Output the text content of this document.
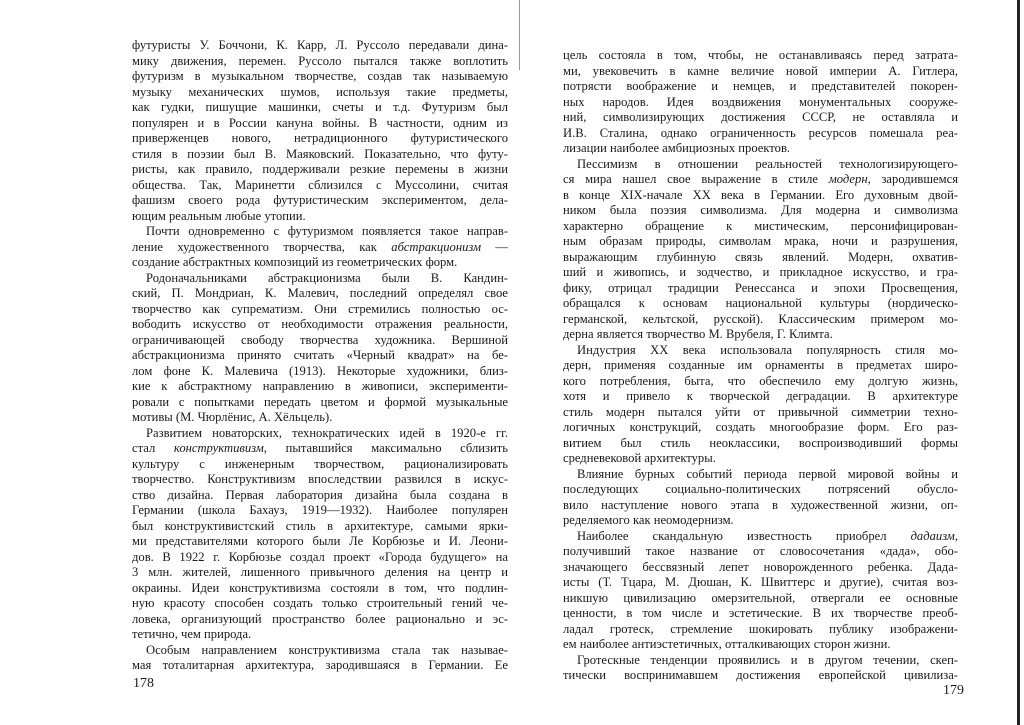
футуристы У. Боччони, К. Карр, Л. Руссоло передавали дина-
мику движения, перемен. Руссоло пытался также воплотить
футуризм в музыкальном творчестве, создав так называемую
музыку механических шумов, используя такие предметы,
как гудки, пишущие машинки, счеты и т.д. Футуризм был
популярен и в России кануна войны. В частности, одним из
приверженцев нового, нетрадиционного футуристического
стиля в поэзии был В. Маяковский. Показательно, что футу-
ристы, как правило, поддерживали резкие перемены в жизни
общества. Так, Маринетти сблизился с Муссолини, считая
фашизм своего рода футуристическим экспериментом, дела-
ющим реальным любые утопии.
Почти одновременно с футуризмом появляется такое направ-
ление художественного творчества, как абстракционизм —
создание абстрактных композиций из геометрических форм.
Родоначальниками абстракционизма были В. Кандин-
ский, П. Мондриан, К. Малевич, последний определял свое
творчество как супрематизм. Они стремились полностью ос-
вободить искусство от необходимости отражения реальности,
ограничивающей свободу творчества художника. Вершиной
абстракционизма принято считать «Черный квадрат» на бе-
лом фоне К. Малевича (1913). Некоторые художники, близ-
кие к абстрактному направлению в живописи, эксперименти-
ровали с попытками передать цветом и формой музыкальные
мотивы (М. Чюрлёнис, А. Хёльцель).
Развитием новаторских, технократических идей в 1920-е гг.
стал конструктивизм, пытавшийся максимально сблизить
культуру с инженерным творчеством, рационализировать
творчество. Конструктивизм впоследствии развился в искус-
ство дизайна. Первая лаборатория дизайна была создана в
Германии (школа Бахауз, 1919—1932). Наиболее популярен
был конструктивистский стиль в архитектуре, самыми ярки-
ми представителями которого были Ле Корбюзье и И. Леони-
дов. В 1922 г. Корбюзье создал проект «Города будущего» на
3 млн. жителей, лишенного привычного деления на центр и
окраины. Идеи конструктивизма состояли в том, что подлин-
ную красоту способен создать только строительный гений че-
ловека, организующий пространство более рационально и эс-
тетично, чем природа.
Особым направлением конструктивизма стала так называе-
мая тоталитарная архитектура, зародившаяся в Германии. Ее
цель состояла в том, чтобы, не останавливаясь перед затрата-
ми, увековечить в камне величие новой империи А. Гитлера,
потрясти воображение и немцев, и представителей покорен-
ных народов. Идея воздвижения монументальных сооруже-
ний, символизирующих достижения СССР, не оставляла и
И.В. Сталина, однако ограниченность ресурсов помешала реа-
лизации наиболее амбициозных проектов.
Пессимизм в отношении реальностей технологизирующего-
ся мира нашел свое выражение в стиле модерн, зародившемся
в конце XIX-начале XX века в Германии. Его духовным двой-
ником была поэзия символизма. Для модерна и символизма
характерно обращение к мистическим, персонифицирован-
ным образам природы, символам мрака, ночи и разрушения,
выражающим глубинную связь явлений. Модерн, охватив-
ший и живопись, и зодчество, и прикладное искусство, и гра-
фику, отрицал традиции Ренессанса и эпохи Просвещения,
обращался к основам национальной культуры (нордическо-
германской, кельтской, русской). Классическим примером мо-
дерна является творчество М. Врубеля, Г. Климта.
Индустрия XX века использовала популярность стиля мо-
дерн, применяя созданные им орнаменты в предметах широ-
кого потребления, быта, что обеспечило ему долгую жизнь,
хотя и привело к творческой деградации. В архитектуре
стиль модерн пытался уйти от привычной симметрии техно-
логичных конструкций, создать многообразие форм. Его раз-
витием был стиль неоклассики, воспроизводивший формы
средневековой архитектуры.
Влияние бурных событий периода первой мировой войны и
последующих социально-политических потрясений обусло-
вило наступление нового этапа в художественной жизни, оп-
ределяемого как неомодернизм.
Наиболее скандальную известность приобрел дадаизм,
получивший такое название от словосочетания «дада», обо-
значающего бессвязный лепет новорожденного ребенка. Дада-
исты (Т. Тцара, М. Дюшан, К. Швиттерс и другие), считая воз-
никшую цивилизацию омерзительной, отвергали ее основные
ценности, в том числе и эстетические. В их творчестве преоб-
ладал гротеск, стремление шокировать публику изображени-
ем наиболее антиэстетичных, отталкивающих сторон жизни.
Гротескные тенденции проявились и в другом течении, скеп-
тически воспринимавшем достижения европейской цивилиза-
178	179
